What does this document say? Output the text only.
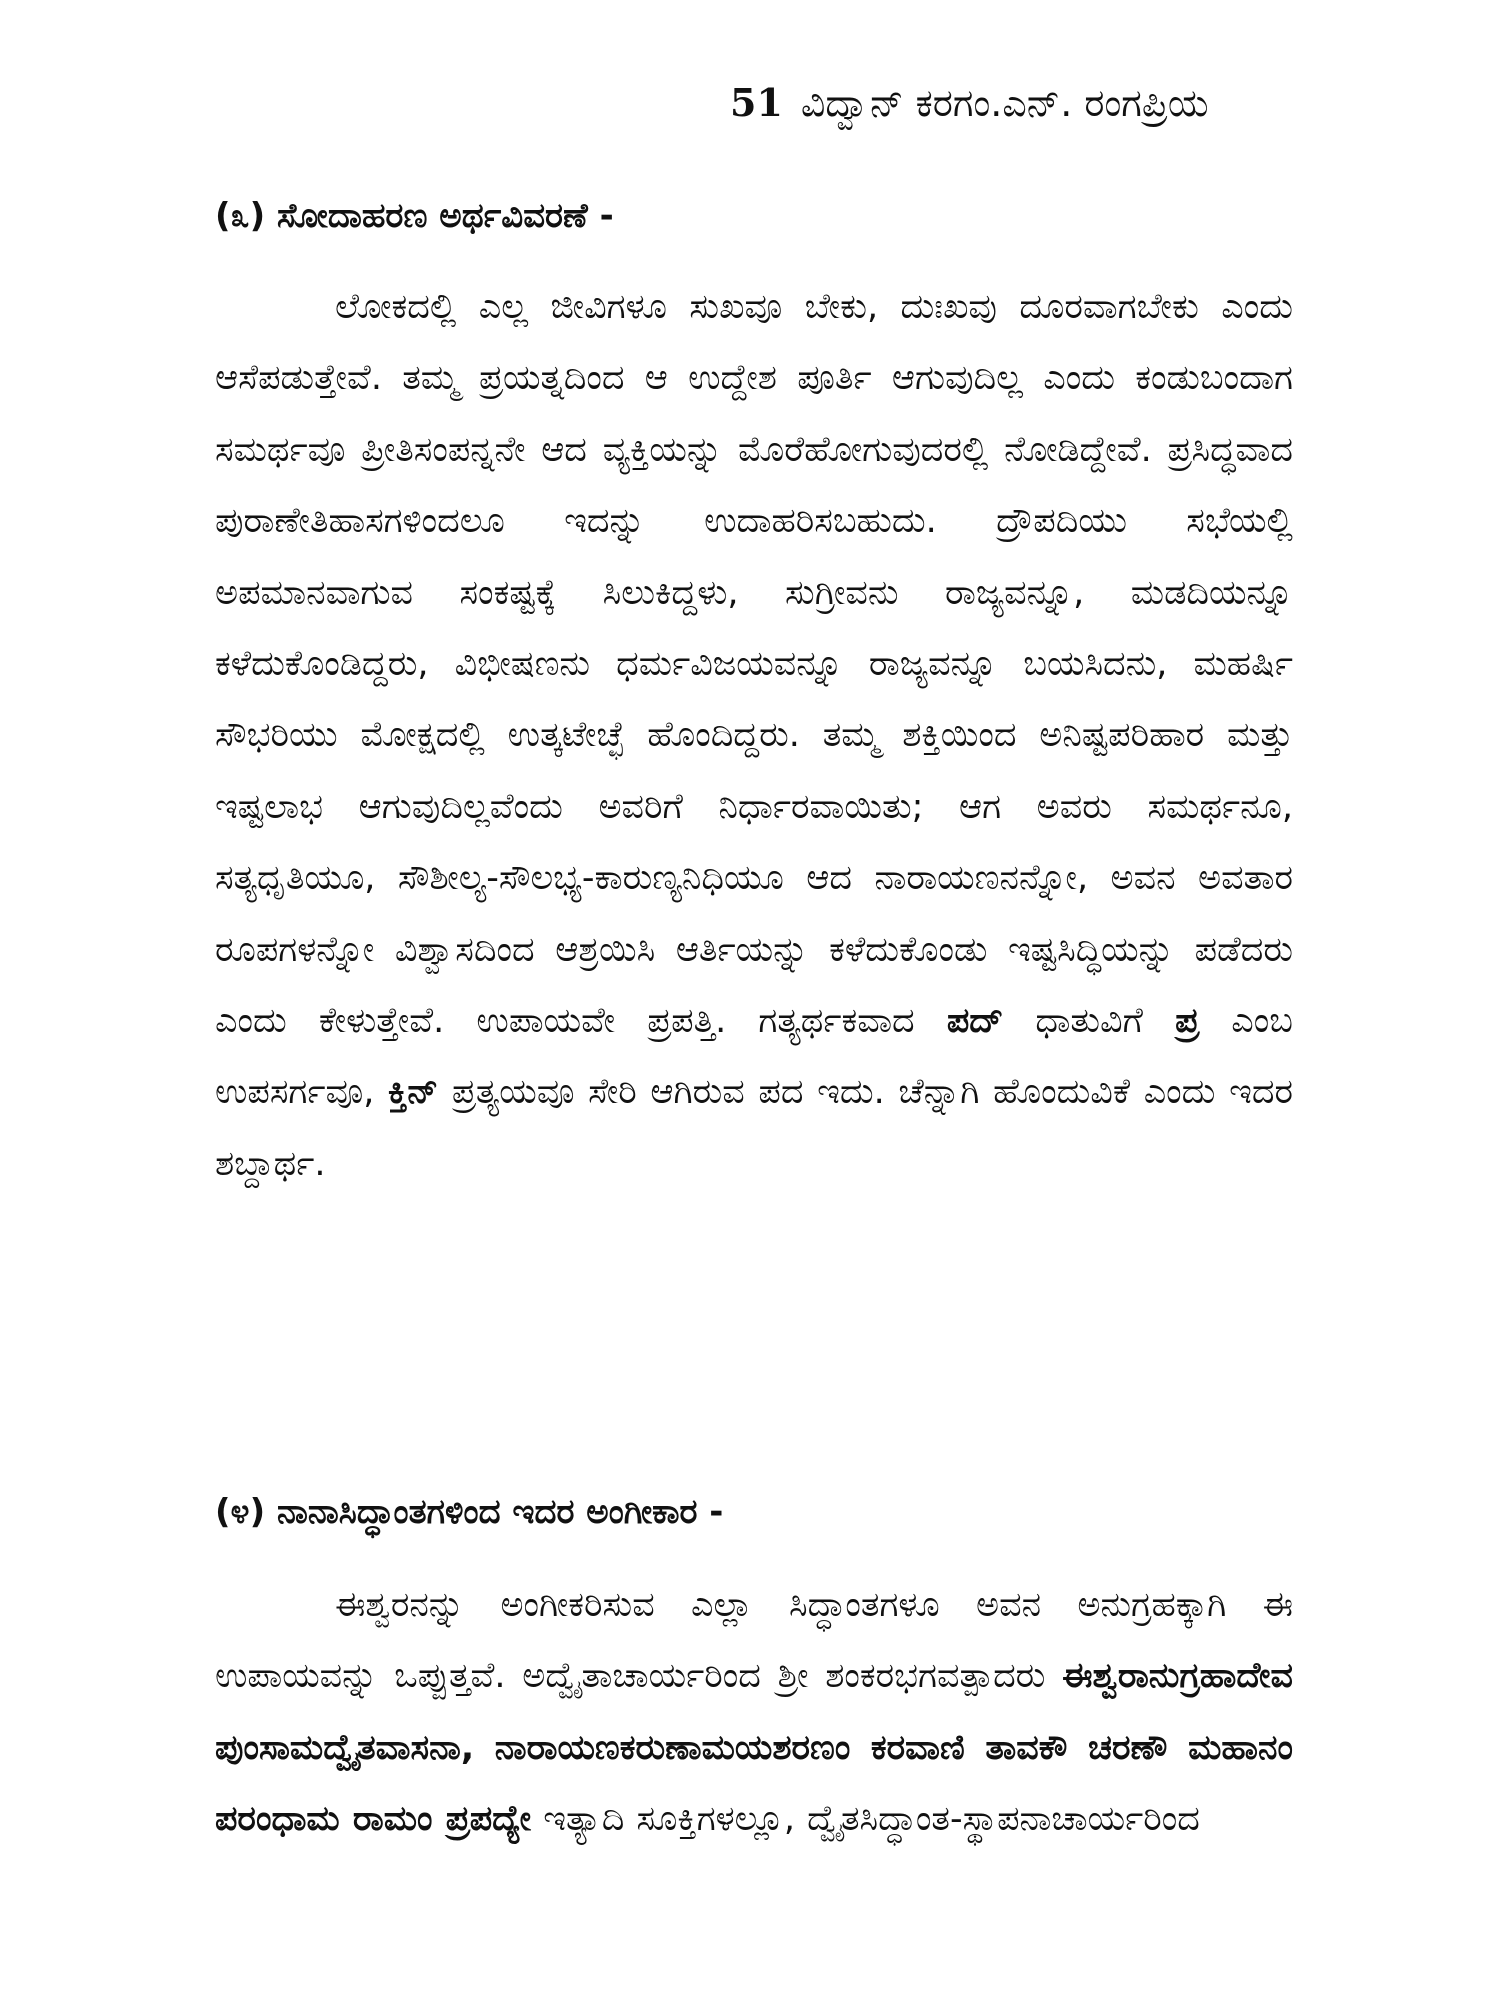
51 ವಿದ್ವಾನ್ ಕರಗಂ.ಎನ್. ರಂಗಪ್ರಿಯ
(೩) ಸೋದಾಹರಣ ಅರ್ಥವಿವರಣೆ -

ಲೋಕದಲ್ಲಿ ಎಲ್ಲ ಜೀವಿಗಳೂ ಸುಖವೂ ಬೇಕು, ದುಃಖವು ದೂರವಾಗಬೇಕು ಎಂದು ಆಸೆಪಡುತ್ತೇವೆ. ತಮ್ಮ ಪ್ರಯತ್ನದಿಂದ ಆ ಉದ್ದೇಶ ಪೂರ್ತಿ ಆಗುವುದಿಲ್ಲ ಎಂದು ಕಂಡುಬಂದಾಗ ಸಮರ್ಥವೂ ಪ್ರೀತಿಸಂಪನ್ನನೇ ಆದ ವ್ಯಕ್ತಿಯನ್ನು ಮೊರೆಹೋಗುವುದರಲ್ಲಿ ನೋಡಿದ್ದೇವೆ. ಪ್ರಸಿದ್ಧವಾದ ಪುರಾಣೇತಿಹಾಸಗಳಿಂದಲೂ ಇದನ್ನು ಉದಾಹರಿಸಬಹುದು. ದ್ರೌಪದಿಯು ಸಭೆಯಲ್ಲಿ ಅಪಮಾನವಾಗುವ ಸಂಕಷ್ಟಕ್ಕೆ ಸಿಲುಕಿದ್ದಳು, ಸುಗ್ರೀವನು ರಾಜ್ಯವನ್ನೂ, ಮಡದಿಯನ್ನೂ ಕಳೆದುಕೊಂಡಿದ್ದರು, ವಿಭೀಷಣನು ಧರ್ಮವಿಜಯವನ್ನೂ ರಾಜ್ಯವನ್ನೂ ಬಯಸಿದನು, ಮಹರ್ಷಿ ಸೌಭರಿಯು ಮೋಕ್ಷದಲ್ಲಿ ಉತ್ಕಟೇಚ್ಛೆ ಹೊಂದಿದ್ದರು. ತಮ್ಮ ಶಕ್ತಿಯಿಂದ ಅನಿಷ್ಟಪರಿಹಾರ ಮತ್ತು ಇಷ್ಟಲಾಭ ಆಗುವುದಿಲ್ಲವೆಂದು ಅವರಿಗೆ ನಿರ್ಧಾರವಾಯಿತು; ಆಗ ಅವರು ಸಮರ್ಥನೂ, ಸತ್ಯಧೃತಿಯೂ, ಸೌಶೀಲ್ಯ-ಸೌಲಭ್ಯ-ಕಾರುಣ್ಯನಿಧಿಯೂ ಆದ ನಾರಾಯಣನನ್ನೋ, ಅವನ ಅವತಾರ ರೂಪಗಳನ್ನೋ ವಿಶ್ವಾಸದಿಂದ ಆಶ್ರಯಿಸಿ ಆರ್ತಿಯನ್ನು ಕಳೆದುಕೊಂಡು ಇಷ್ಟಸಿದ್ಧಿಯನ್ನು ಪಡೆದರು ಎಂದು ಕೇಳುತ್ತೇವೆ. ಉಪಾಯವೇ ಪ್ರಪತ್ತಿ. ಗತ್ಯರ್ಥಕವಾದ ಪದ್ ಧಾತುವಿಗೆ ಪ್ರ ಎಂಬ ಉಪಸರ್ಗವೂ, ಕ್ತಿನ್ ಪ್ರತ್ಯಯವೂ ಸೇರಿ ಆಗಿರುವ ಪದ ಇದು. ಚೆನ್ನಾಗಿ ಹೊಂದುವಿಕೆ ಎಂದು ಇದರ ಶಬ್ದಾರ್ಥ.

(೪) ನಾನಾಸಿದ್ಧಾಂತಗಳಿಂದ ಇದರ ಅಂಗೀಕಾರ -

ಈಶ್ವರನನ್ನು ಅಂಗೀಕರಿಸುವ ಎಲ್ಲಾ ಸಿದ್ಧಾಂತಗಳೂ ಅವನ ಅನುಗ್ರಹಕ್ಕಾಗಿ ಈ ಉಪಾಯವನ್ನು ಒಪ್ಪುತ್ತವೆ. ಅದ್ವೈತಾಚಾರ್ಯರಿಂದ ಶ್ರೀ ಶಂಕರಭಗವತ್ಪಾದರು ಈಶ್ವರಾನುಗ್ರಹಾದೇವ ಪುಂಸಾಮದ್ವೈತವಾಸನಾ, ನಾರಾಯಣಕರುಣಾಮಯಶರಣಂ ಕರವಾಣಿ ತಾವಕೌ ಚರಣೌ ಮಹಾನಂ ಪರಂಧಾಮ ರಾಮಂ ಪ್ರಪದ್ಯೇ ಇತ್ಯಾದಿ ಸೂಕ್ತಿಗಳಲ್ಲೂ, ದ್ವೈತಸಿದ್ಧಾಂತ-ಸ್ಥಾಪನಾಚಾರ್ಯರಿಂದ
